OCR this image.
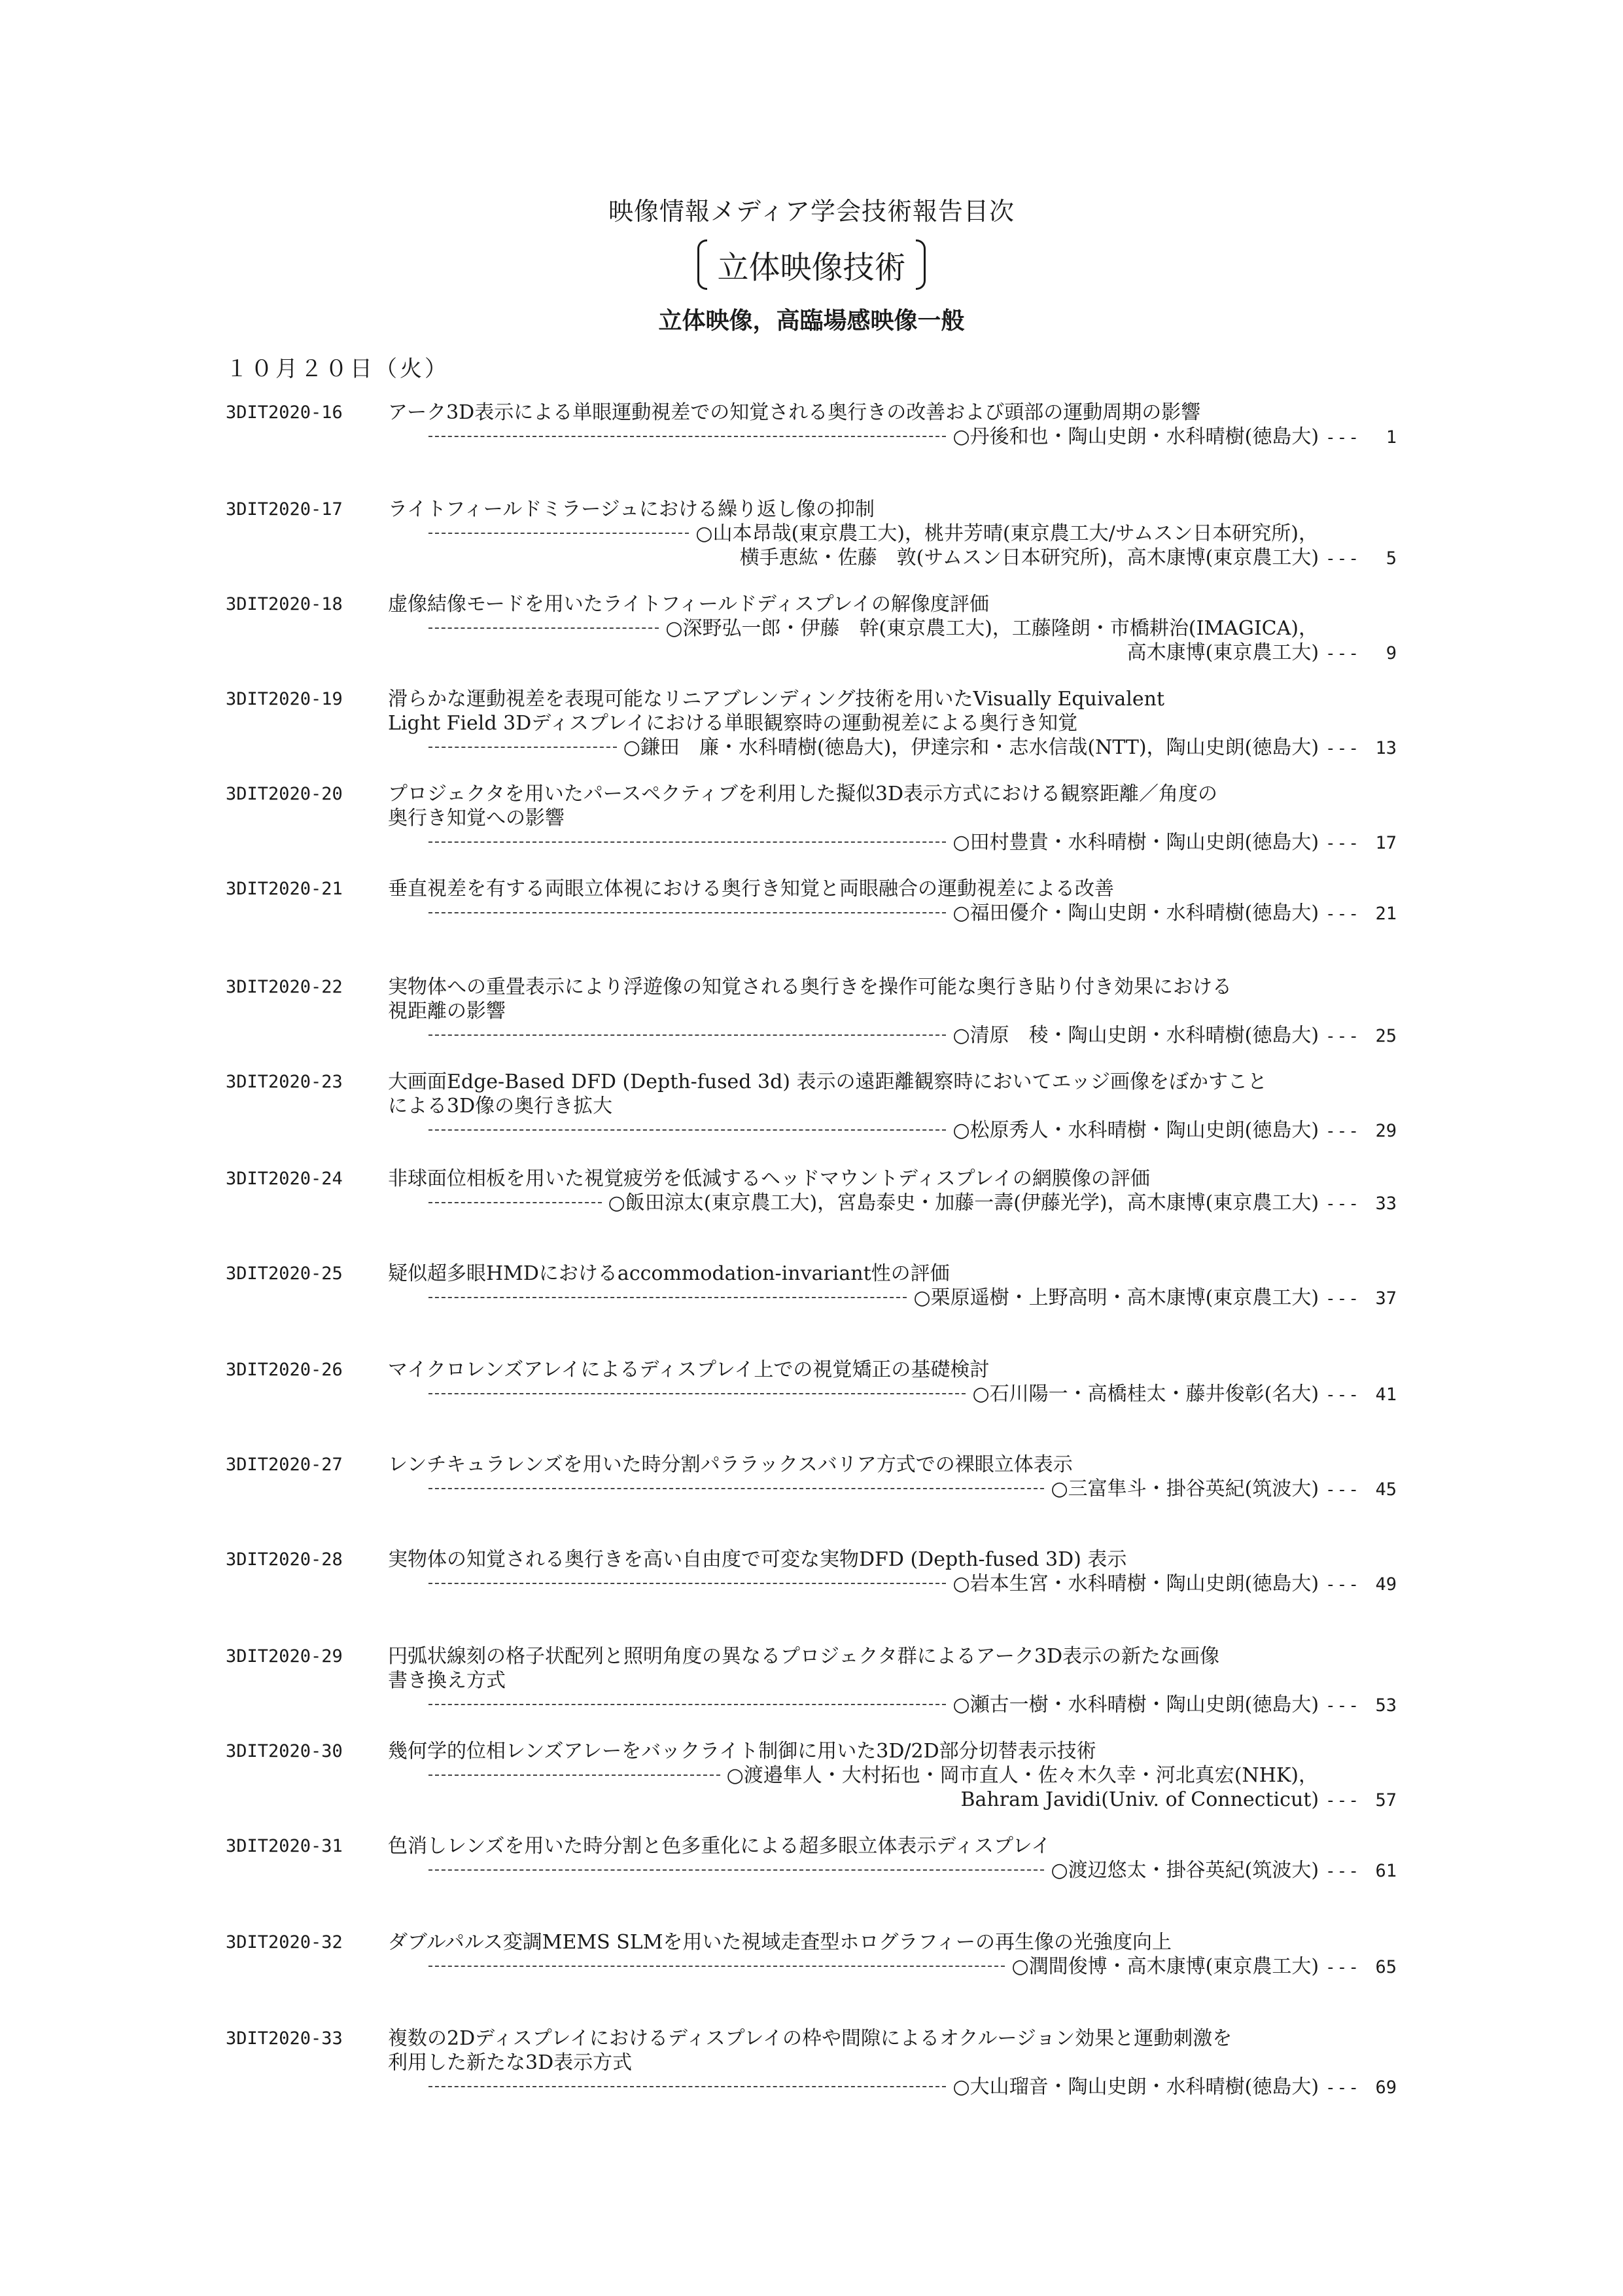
映像情報メディア学会技術報告目次
立体映像技術
立体映像，高臨場感映像一般
１０月２０日（火）
3DIT2020-16 アーク3D表示による単眼運動視差での知覚される奥行きの改善および頭部の運動周期の影響
○丹後和也・陶山史朗・水科晴樹(徳島大) ---	1
3DIT2020-17 ライトフィールドミラージュにおける繰り返し像の抑制
○山本昂哉(東京農工大)，桃井芳晴(東京農工大/サムスン日本研究所)，
横手恵紘・佐藤　敦(サムスン日本研究所)，高木康博(東京農工大) ---	5
3DIT2020-18 虚像結像モードを用いたライトフィールドディスプレイの解像度評価
○深野弘一郎・伊藤　幹(東京農工大)，工藤隆朗・市橋耕治(IMAGICA)，
高木康博(東京農工大) ---	9
3DIT2020-19 滑らかな運動視差を表現可能なリニアブレンディング技術を用いたVisually Equivalent
Light Field 3Dディスプレイにおける単眼観察時の運動視差による奥行き知覚
○鎌田　廉・水科晴樹(徳島大)，伊達宗和・志水信哉(NTT)，陶山史朗(徳島大) --- 13
3DIT2020-20 プロジェクタを用いたパースペクティブを利用した擬似3D表示方式における観察距離／角度の
奥行き知覚への影響
○田村豊貴・水科晴樹・陶山史朗(徳島大) --- 17
3DIT2020-21 垂直視差を有する両眼立体視における奥行き知覚と両眼融合の運動視差による改善
○福田優介・陶山史朗・水科晴樹(徳島大) --- 21
3DIT2020-22 実物体への重畳表示により浮遊像の知覚される奥行きを操作可能な奥行き貼り付き効果における
視距離の影響
○清原　稜・陶山史朗・水科晴樹(徳島大) --- 25
3DIT2020-23 大画面Edge-Based DFD (Depth-fused 3d) 表示の遠距離観察時においてエッジ画像をぼかすこと
による3D像の奥行き拡大
○松原秀人・水科晴樹・陶山史朗(徳島大) --- 29
3DIT2020-24 非球面位相板を用いた視覚疲労を低減するヘッドマウントディスプレイの網膜像の評価
○飯田涼太(東京農工大)，宮島泰史・加藤一壽(伊藤光学)，高木康博(東京農工大) --- 33
3DIT2020-25 疑似超多眼HMDにおけるaccommodation-invariant性の評価
○栗原遥樹・上野高明・高木康博(東京農工大) --- 37
3DIT2020-26 マイクロレンズアレイによるディスプレイ上での視覚矯正の基礎検討
○石川陽一・高橋桂太・藤井俊彰(名大) --- 41
3DIT2020-27 レンチキュラレンズを用いた時分割パララックスバリア方式での裸眼立体表示
○三富隼斗・掛谷英紀(筑波大) --- 45
3DIT2020-28 実物体の知覚される奥行きを高い自由度で可変な実物DFD (Depth-fused 3D) 表示
○岩本生宮・水科晴樹・陶山史朗(徳島大) --- 49
3DIT2020-29 円弧状線刻の格子状配列と照明角度の異なるプロジェクタ群によるアーク3D表示の新たな画像
書き換え方式
○瀬古一樹・水科晴樹・陶山史朗(徳島大) --- 53
3DIT2020-30 幾何学的位相レンズアレーをバックライト制御に用いた3D/2D部分切替表示技術
○渡邉隼人・大村拓也・岡市直人・佐々木久幸・河北真宏(NHK)，
Bahram Javidi(Univ. of Connecticut) --- 57
3DIT2020-31 色消しレンズを用いた時分割と色多重化による超多眼立体表示ディスプレイ
○渡辺悠太・掛谷英紀(筑波大) --- 61
3DIT2020-32 ダブルパルス変調MEMS SLMを用いた視域走査型ホログラフィーの再生像の光強度向上
○潤間俊博・高木康博(東京農工大) --- 65
3DIT2020-33 複数の2Dディスプレイにおけるディスプレイの枠や間隙によるオクルージョン効果と運動刺激を
利用した新たな3D表示方式
○大山瑠音・陶山史朗・水科晴樹(徳島大) --- 69
